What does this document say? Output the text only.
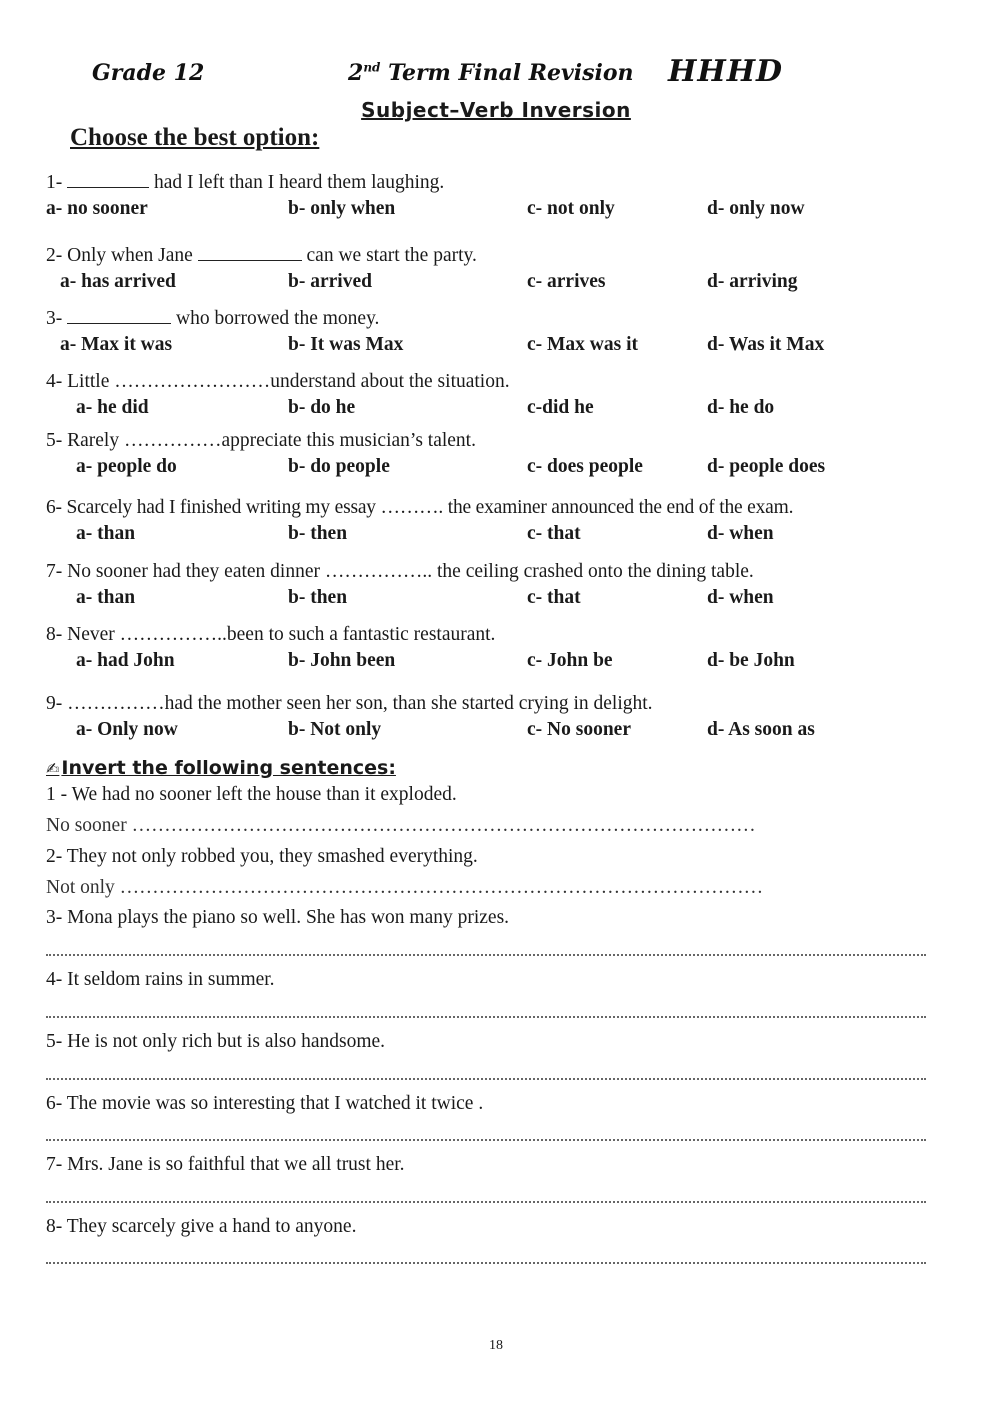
Grade 12	2nd Term Final Revision HHHD
Subject–Verb Inversion
Choose the best option:
1-	had I left than I heard them laughing.
a- no sooner	b- only when	c- not only	d- only now
2- Only when Jane	can we start the party.
a- has arrived	b- arrived	c- arrives	d- arriving
3-	who borrowed the money.
a- Max it was	b- It was Max	c- Max was it	d- Was it Max
4- Little ……………………understand about the situation.
a- he did	b- do he	c-did he	d- he do
5- Rarely ……………appreciate this musician’s talent.
a- people do	b- do people	c- does people	d- people does
6- Scarcely had I finished writing my essay ………. the examiner announced the end of the exam.
a- than	b- then	c- that	d- when
7- No sooner had they eaten dinner …………….. the ceiling crashed onto the dining table.
a- than	b- then	c- that	d- when
8- Never ……………..been to such a fantastic restaurant.
a- had John	b- John been	c- John be	d- be John
9- ……………had the mother seen her son, than she started crying in delight.
a- Only now	b- Not only	c- No sooner	d- As soon as
✍ Invert the following sentences:
1 - We had no sooner left the house than it exploded.
No sooner ……………………………………………………………………………………
2- They not only robbed you, they smashed everything.
Not only ………………………………………………………………………………………
3- Mona plays the piano so well. She has won many prizes.
4- It seldom rains in summer.
5- He is not only rich but is also handsome.
6- The movie was so interesting that I watched it twice .
7- Mrs. Jane is so faithful that we all trust her.
8- They scarcely give a hand to anyone.
18
